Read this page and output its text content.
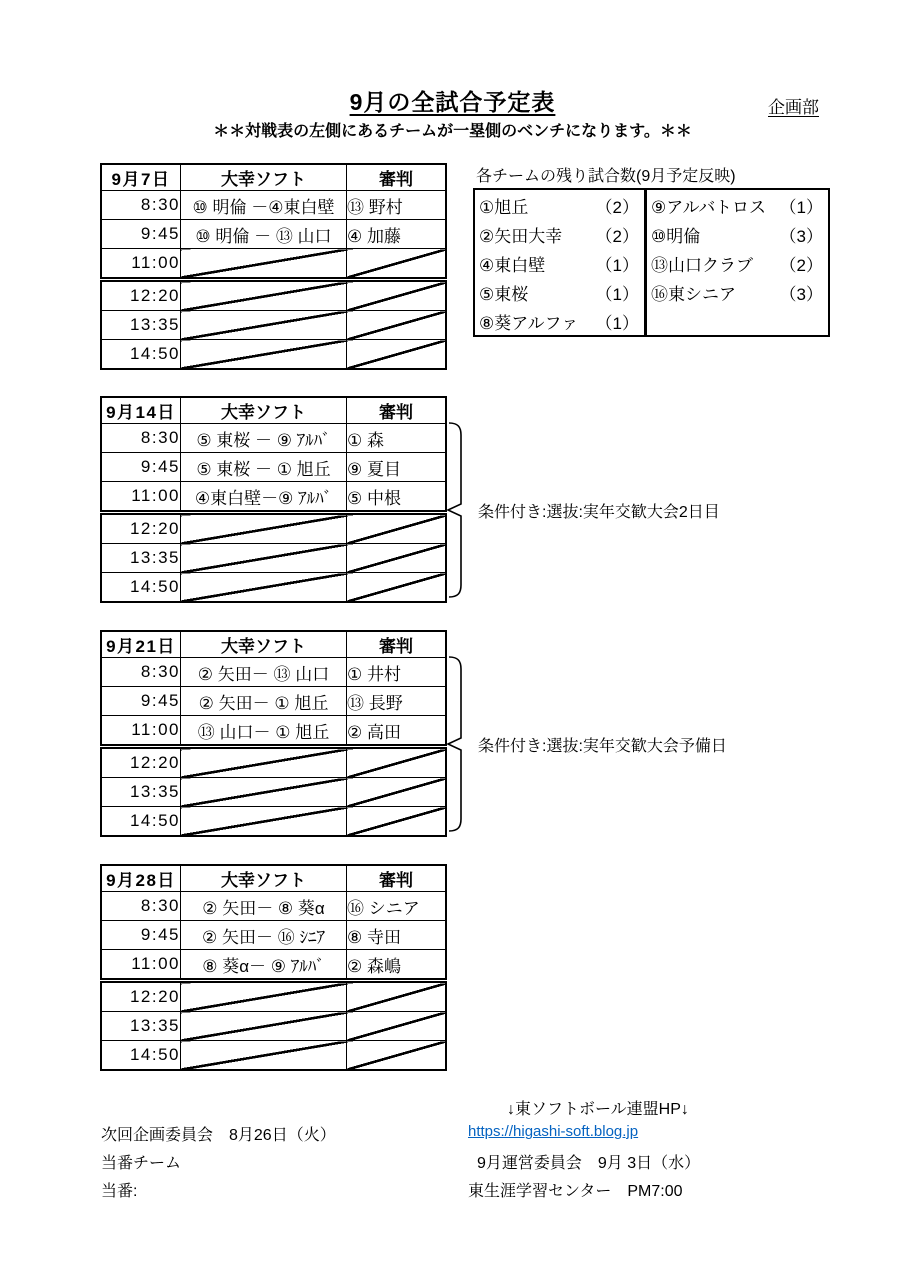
9月の全試合予定表	企画部
＊＊対戦表の左側にあるチームが一塁側のベンチになります。＊＊
9月7日	大幸ソフト	審判
8:30	⑩ 明倫 －④東白壁	⑬ 野村
9:45	⑩ 明倫 － ⑬ 山口	④ 加藤
11:00		
12:20		
13:35		
14:50		
9月14日	大幸ソフト	審判
8:30	⑤ 東桜 － ⑨ ｱﾙﾊﾞ	① 森
9:45	⑤ 東桜 － ① 旭丘	⑨ 夏目
11:00	④東白壁－⑨ ｱﾙﾊﾞ	⑤ 中根
12:20		
13:35		
14:50		
条件付き:選抜:実年交歓大会2日目
9月21日	大幸ソフト	審判
8:30	② 矢田－ ⑬ 山口	① 井村
9:45	② 矢田－ ① 旭丘	⑬ 長野
11:00	⑬ 山口－ ① 旭丘	② 高田
12:20		
13:35		
14:50		
条件付き:選抜:実年交歓大会予備日
9月28日	大幸ソフト	審判
8:30	② 矢田－ ⑧ 葵α	⑯ シニア
9:45	② 矢田－ ⑯ ｼﾆｱ	⑧ 寺田
11:00	⑧ 葵α－ ⑨ ｱﾙﾊﾞ	② 森嶋
12:20		
13:35		
14:50		
各チームの残り試合数(9月予定反映)
①旭丘	（2）
②矢田大幸 （2）
④東白壁	（1）
⑤東桜	（1）
⑧葵アルファ （1）
⑨アルバトロス （1）
⑩明倫	（3）
⑬山口クラブ （2）
⑯東シニア	（3）
↓東ソフトボール連盟HP↓
https://higashi-soft.blog.jp
次回企画委員会　8月26日（火）
当番チーム
当番:
9月運営委員会　9月 3日（水）
東生涯学習センター　PM7:00
